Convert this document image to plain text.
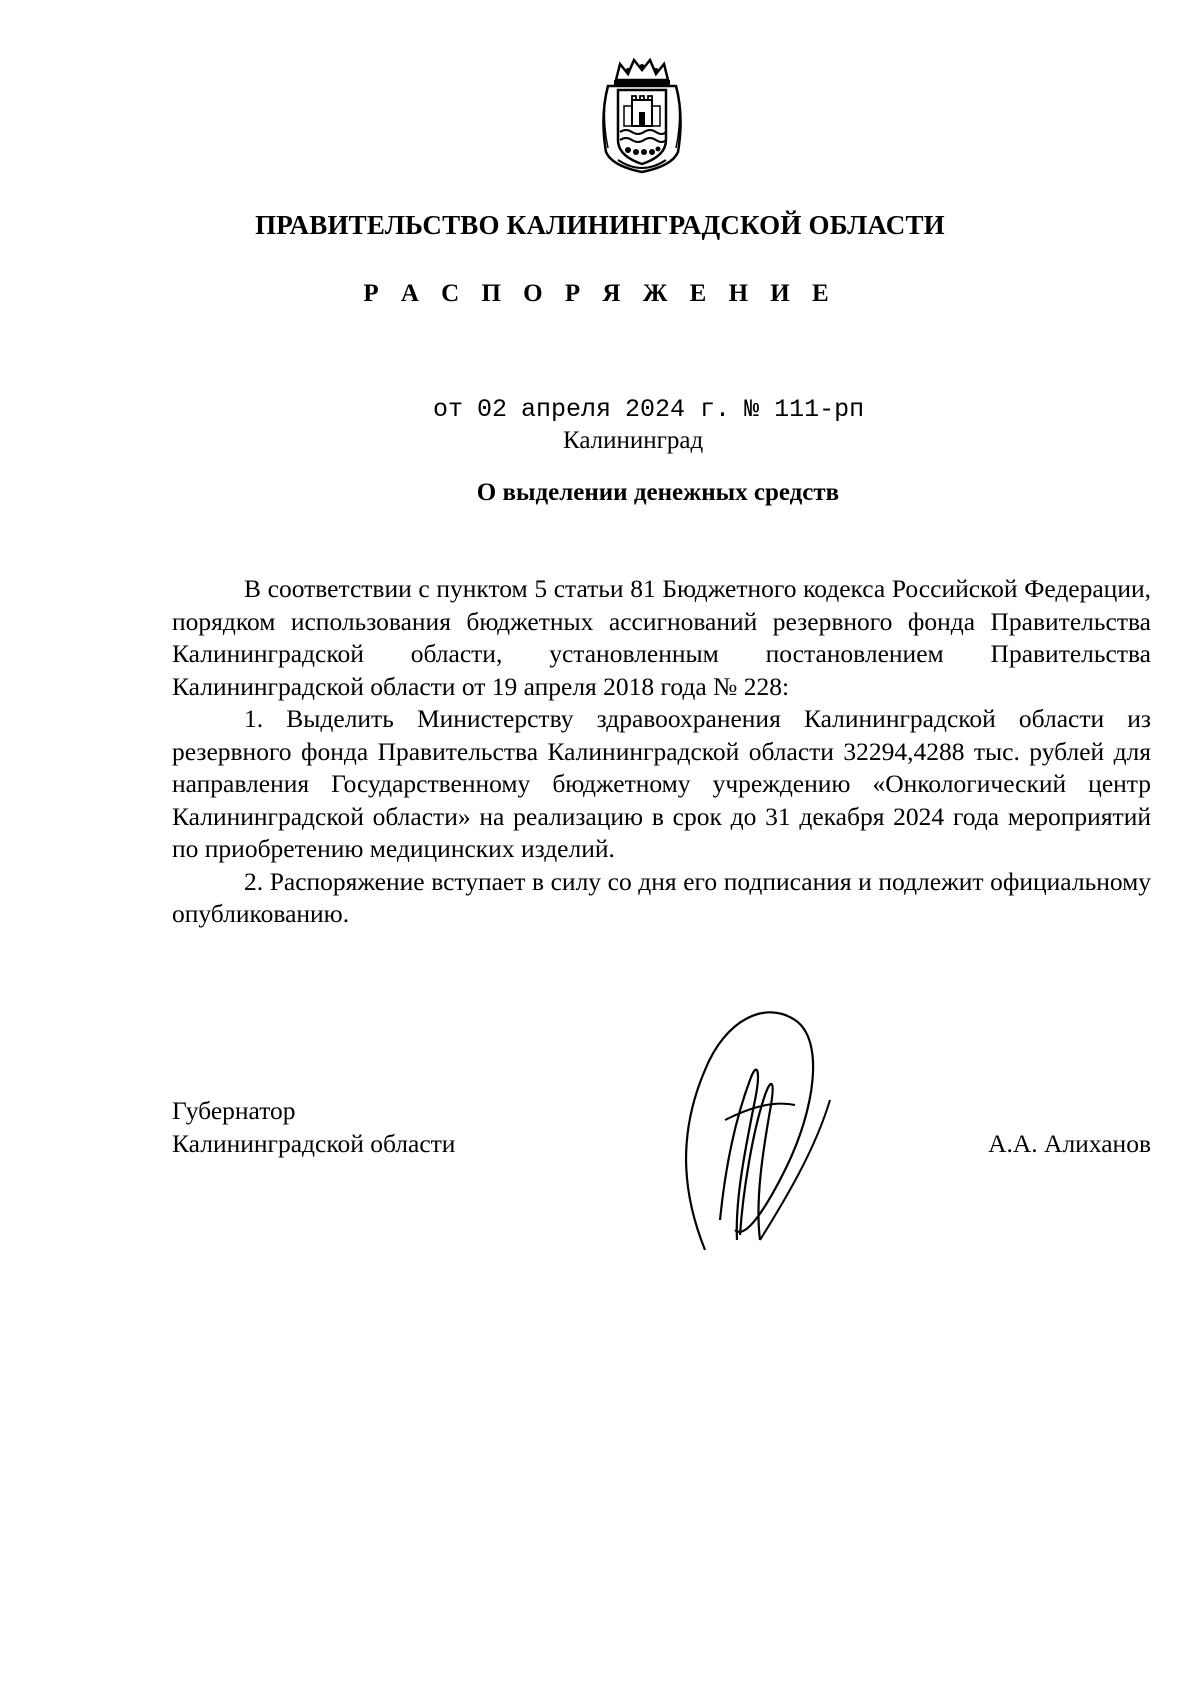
ПРАВИТЕЛЬСТВО КАЛИНИНГРАДСКОЙ ОБЛАСТИ
Р А С П О Р Я Ж Е Н И Е
от 02 апреля 2024 г. № 111-рп
Калининград
О выделении денежных средств

В соответствии с пунктом 5 статьи 81 Бюджетного кодекса Российской Федерации, порядком использования бюджетных ассигнований резервного фонда Правительства Калининградской области, установленным постановлением Правительства Калининградской области от 19 апреля 2018 года № 228:

1. Выделить Министерству здравоохранения Калининградской области из резервного фонда Правительства Калининградской области 32294,4288 тыс. рублей для направления Государственному бюджетному учреждению «Онкологический центр Калининградской области» на реализацию в срок до 31 декабря 2024 года мероприятий по приобретению медицинских изделий.

2. Распоряжение вступает в силу со дня его подписания и подлежит официальному опубликованию.

Губернатор
Калининградской области	А.А. Алиханов
